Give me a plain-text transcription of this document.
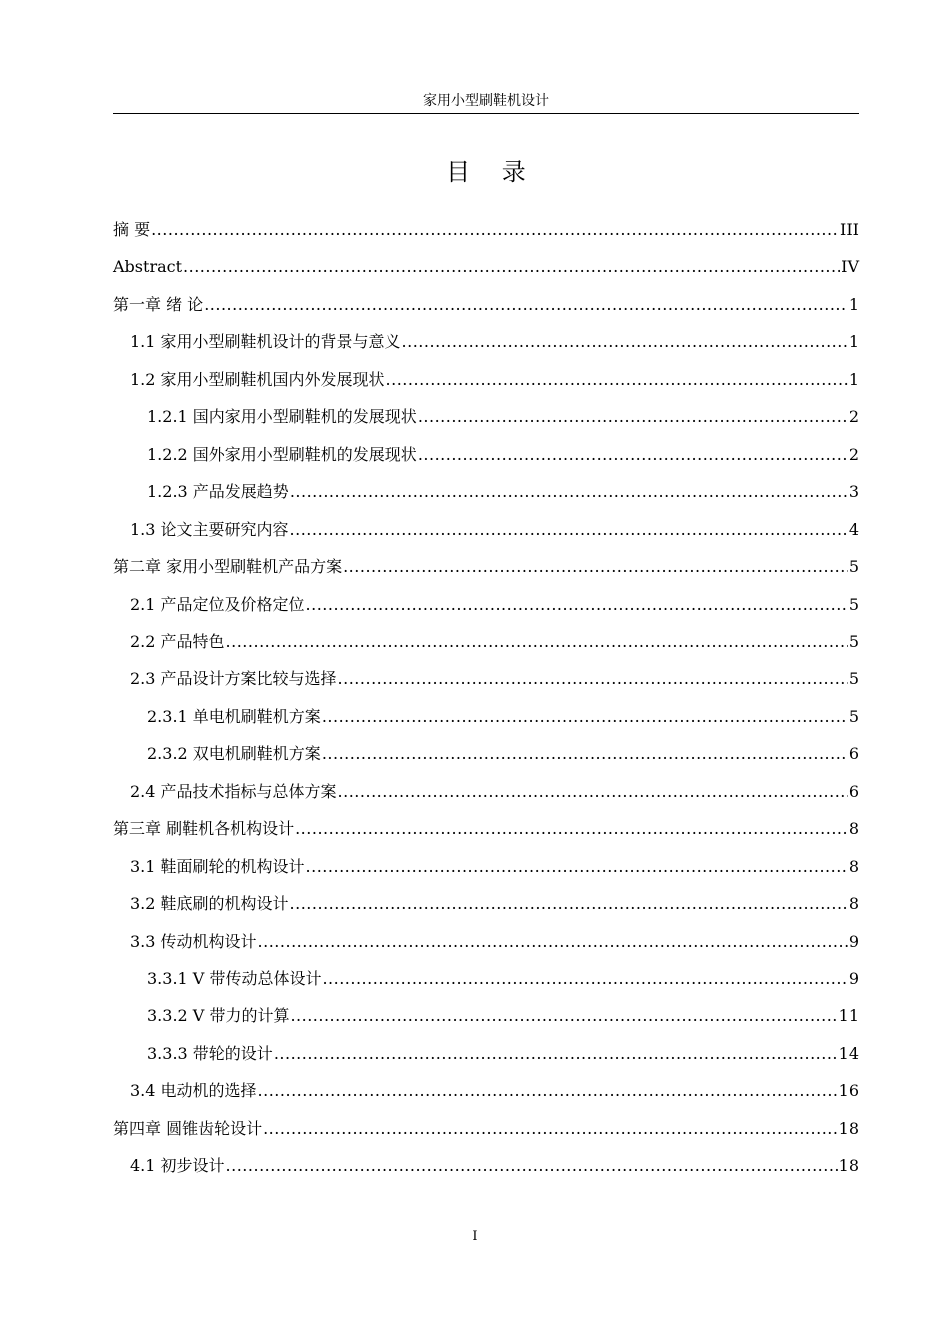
家用小型刷鞋机设计
目 录
摘 要 .....	III
Abstract .....	IV
第一章 绪 论 .....	1
1.1 家用小型刷鞋机设计的背景与意义 .....	1
1.2 家用小型刷鞋机国内外发展现状 .....	1
1.2.1 国内家用小型刷鞋机的发展现状 .....	2
1.2.2 国外家用小型刷鞋机的发展现状 .....	2
1.2.3 产品发展趋势 .....	3
1.3 论文主要研究内容 .....	4
第二章 家用小型刷鞋机产品方案 .....	5
2.1 产品定位及价格定位 .....	5
2.2 产品特色 .....	5
2.3 产品设计方案比较与选择 .....	5
2.3.1 单电机刷鞋机方案 .....	5
2.3.2 双电机刷鞋机方案 .....	6
2.4 产品技术指标与总体方案 .....	6
第三章 刷鞋机各机构设计 .....	8
3.1 鞋面刷轮的机构设计 .....	8
3.2 鞋底刷的机构设计 .....	8
3.3 传动机构设计 .....	9
3.3.1 V 带传动总体设计 .....	9
3.3.2 V 带力的计算 .....	11
3.3.3 带轮的设计 .....	14
3.4 电动机的选择 .....	16
第四章 圆锥齿轮设计 .....	18
4.1 初步设计 .....	18
I
